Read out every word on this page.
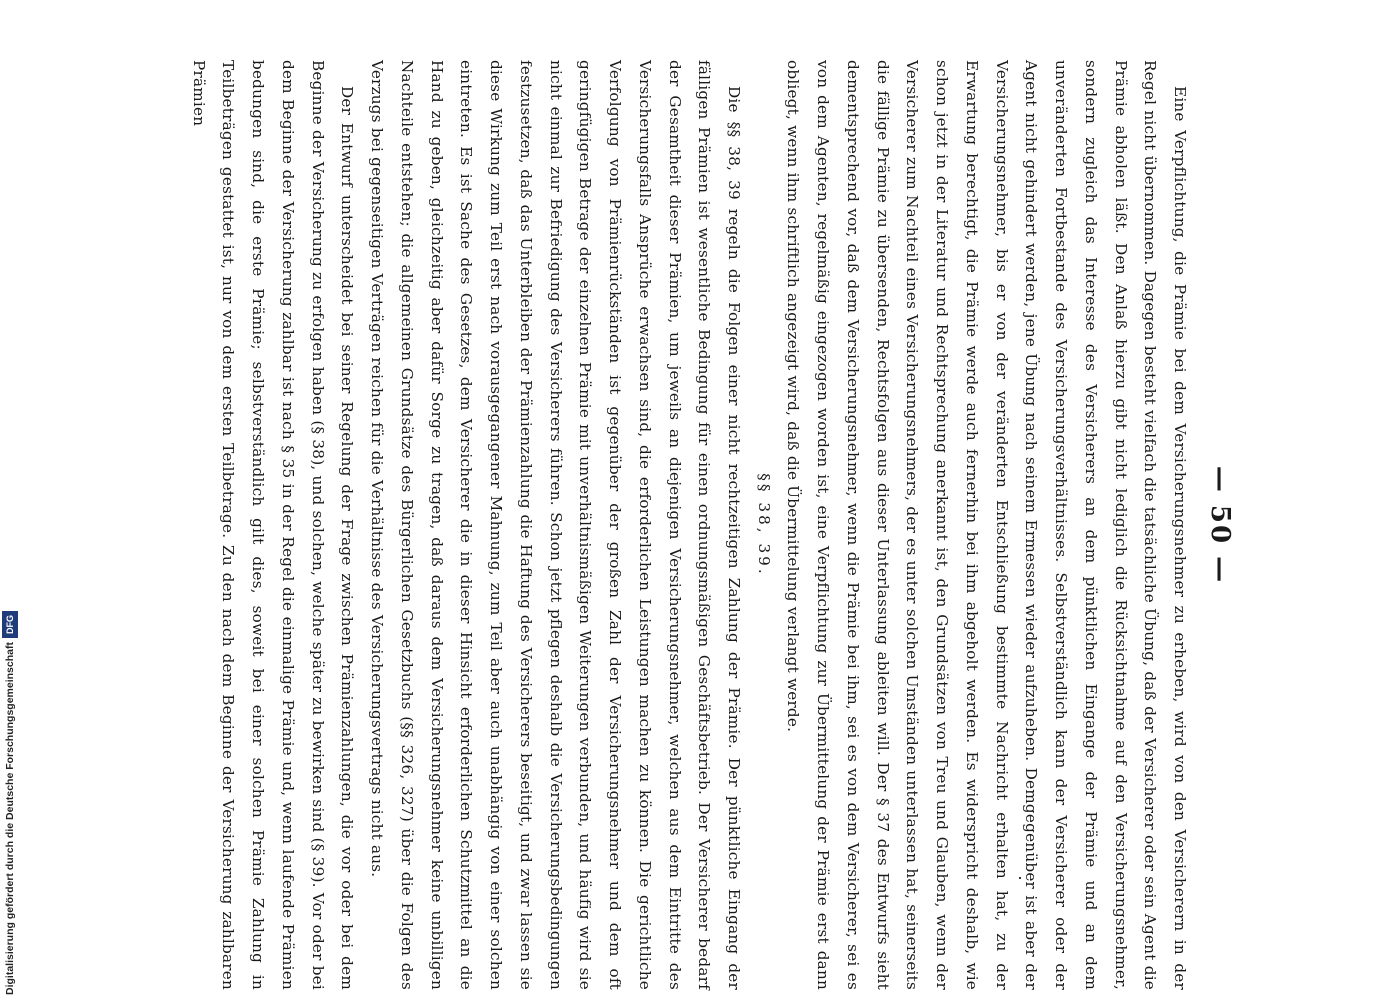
Digitalisierung gefördert durch die Deutsche Forschungsgemeinschaft
DFG
— 50 —

Eine Verpflichtung, die Prämie bei dem Versicherungsnehmer zu erheben, wird von den Versicherern in der Regel nicht übernommen. Dagegen besteht vielfach die tatsächliche Übung, daß der Versicherer oder sein Agent die Prämie abholen läßt. Den Anlaß hierzu gibt nicht lediglich die Rücksichtnahme auf den Versicherungsnehmer, sondern zugleich das Interesse des Versicherers an dem pünktlichen Eingange der Prämie und an dem unveränderten Fortbestande des Versicherungsverhältnisses. Selbstverständlich kann der Versicherer oder der Agent nicht gehindert werden, jene Übung nach seinem Ermessen wieder aufzuheben. Demgegenüber ist aber der Versicherungsnehmer, bis er von der veränderten Entschließung bestimmte Nachricht erhalten hat, zu der Erwartung berechtigt, die Prämie werde auch fernerhin bei ihm abgeholt werden. Es widerspricht deshalb, wie schon jetzt in der Literatur und Rechtsprechung anerkannt ist, den Grundsätzen von Treu und Glauben, wenn der Versicherer zum Nachteil eines Versicherungsnehmers, der es unter solchen Umständen unterlassen hat, seinerseits die fällige Prämie zu übersenden, Rechtsfolgen aus dieser Unterlassung ableiten will. Der § 37 des Entwurfs sieht dementsprechend vor, daß dem Versicherungsnehmer, wenn die Prämie bei ihm, sei es von dem Versicherer, sei es von dem Agenten, regelmäßig eingezogen worden ist, eine Verpflichtung zur Übermittelung der Prämie erst dann obliegt, wenn ihm schriftlich angezeigt wird, daß die Übermittelung verlangt werde.

§§ 38, 39.

Die §§ 38, 39 regeln die Folgen einer nicht rechtzeitigen Zahlung der Prämie. Der pünktliche Eingang der fälligen Prämien ist wesentliche Bedingung für einen ordnungsmäßigen Geschäftsbetrieb. Der Versicherer bedarf der Gesamtheit dieser Prämien, um jeweils an diejenigen Versicherungsnehmer, welchen aus dem Eintritte des Versicherungsfalls Ansprüche erwachsen sind, die erforderlichen Leistungen machen zu können. Die gerichtliche Verfolgung von Prämienrückständen ist gegenüber der großen Zahl der Versicherungsnehmer und dem oft geringfügigen Betrage der einzelnen Prämie mit unverhältnismäßigen Weiterungen verbunden, und häufig wird sie nicht einmal zur Befriedigung des Versicherers führen. Schon jetzt pflegen deshalb die Versicherungsbedingungen festzusetzen, daß das Unterbleiben der Prämienzahlung die Haftung des Versicherers beseitigt, und zwar lassen sie diese Wirkung zum Teil erst nach vorausgegangener Mahnung, zum Teil aber auch unabhängig von einer solchen eintreten. Es ist Sache des Gesetzes, dem Versicherer die in dieser Hinsicht erforderlichen Schutzmittel an die Hand zu geben, gleichzeitig aber dafür Sorge zu tragen, daß daraus dem Versicherungsnehmer keine unbilligen Nachteile entstehen; die allgemeinen Grundsätze des Bürgerlichen Gesetzbuchs (§§ 326, 327) über die Folgen des Verzugs bei gegenseitigen Verträgen reichen für die Verhältnisse des Versicherungsvertrags nicht aus.

Der Entwurf unterscheidet bei seiner Regelung der Frage zwischen Prämienzahlungen, die vor oder bei dem Beginne der Versicherung zu erfolgen haben (§ 38), und solchen, welche später zu bewirken sind (§ 39). Vor oder bei dem Beginne der Versicherung zahlbar ist nach § 35 in der Regel die einmalige Prämie und, wenn laufende Prämien bedungen sind, die erste Prämie; selbstverständlich gilt dies, soweit bei einer solchen Prämie Zahlung in Teilbeträgen gestattet ist, nur von dem ersten Teilbetrage. Zu den nach dem Beginne der Versicherung zahlbaren Prämien
